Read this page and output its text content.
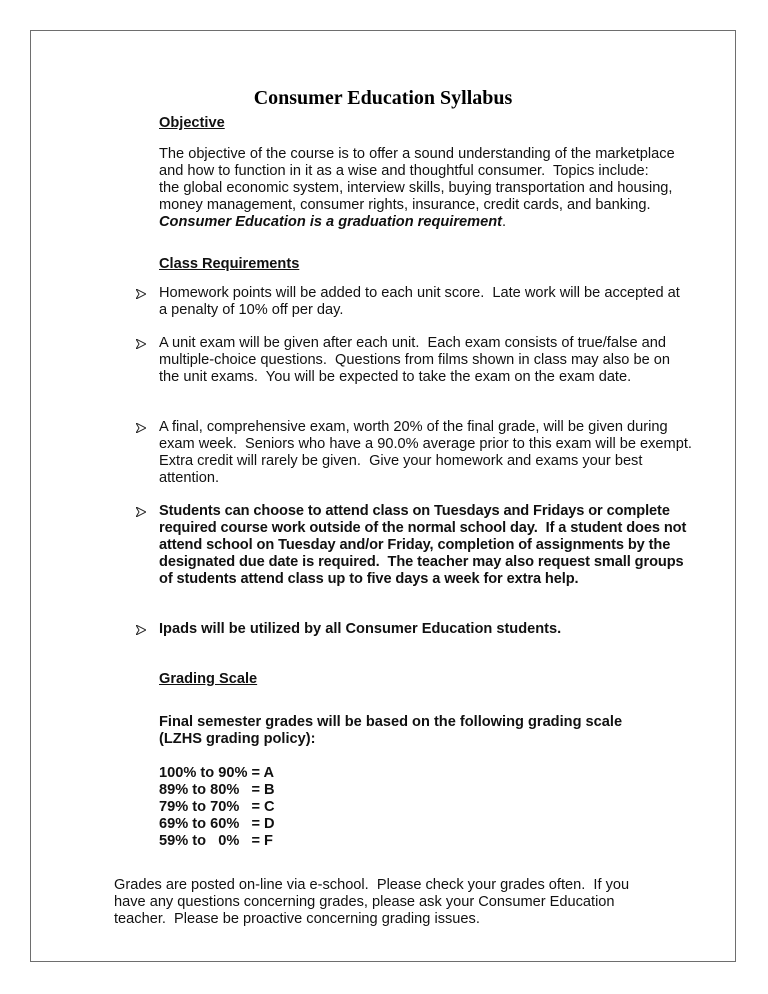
Consumer Education Syllabus
Objective
The objective of the course is to offer a sound understanding of the marketplace
and how to function in it as a wise and thoughtful consumer.  Topics include:
the global economic system, interview skills, buying transportation and housing,
money management, consumer rights, insurance, credit cards, and banking.
Consumer Education is a graduation requirement.
Class Requirements
Homework points will be added to each unit score.  Late work will be accepted at
a penalty of 10% off per day.
A unit exam will be given after each unit.  Each exam consists of true/false and
multiple-choice questions.  Questions from films shown in class may also be on
the unit exams.  You will be expected to take the exam on the exam date.
A final, comprehensive exam, worth 20% of the final grade, will be given during
exam week.  Seniors who have a 90.0% average prior to this exam will be exempt.
Extra credit will rarely be given.  Give your homework and exams your best
attention.
Students can choose to attend class on Tuesdays and Fridays or complete
required course work outside of the normal school day.  If a student does not
attend school on Tuesday and/or Friday, completion of assignments by the
designated due date is required.  The teacher may also request small groups
of students attend class up to five days a week for extra help.
Ipads will be utilized by all Consumer Education students.
Grading Scale
Final semester grades will be based on the following grading scale
(LZHS grading policy):
100% to 90% = A
89% to 80%   = B
79% to 70%   = C
69% to 60%   = D
59% to   0%   = F
Grades are posted on-line via e-school.  Please check your grades often.  If you
have any questions concerning grades, please ask your Consumer Education
teacher.  Please be proactive concerning grading issues.
